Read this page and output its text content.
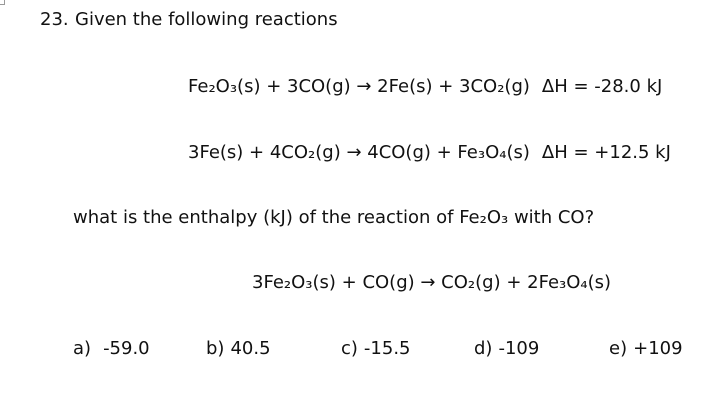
23. Given the following reactions
Fe₂O₃(s) + 3CO(g) → 2Fe(s) + 3CO₂(g) ΔH = -28.0 kJ
3Fe(s) + 4CO₂(g) → 4CO(g) + Fe₃O₄(s) ΔH = +12.5 kJ
what is the enthalpy (kJ) of the reaction of Fe₂O₃ with CO?
3Fe₂O₃(s) + CO(g) → CO₂(g) + 2Fe₃O₄(s)
a) -59.0	b) 40.5	c) -15.5	d) -109	e) +109
